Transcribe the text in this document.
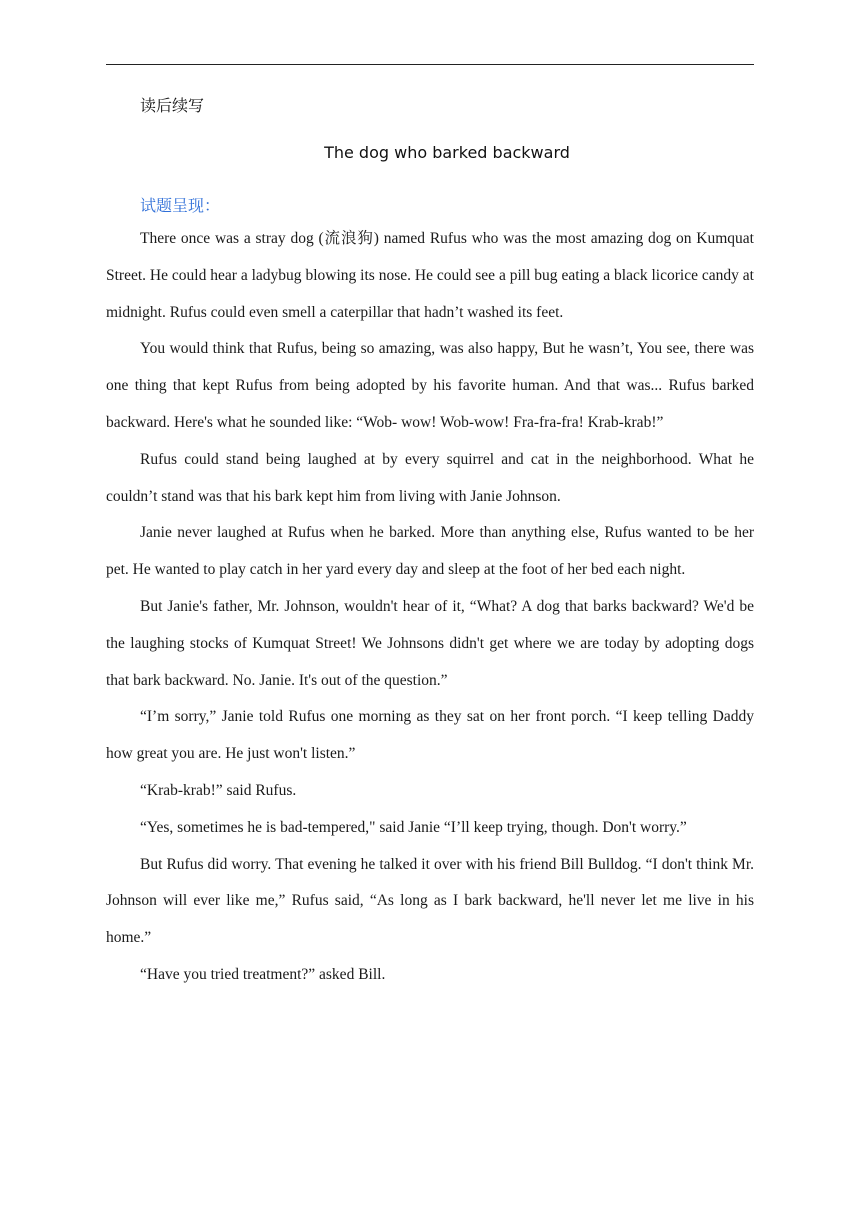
读后续写
The dog who barked backward
试题呈现：

There once was a stray dog (流浪狗) named Rufus who was the most amazing dog on Kumquat Street. He could hear a ladybug blowing its nose. He could see a pill bug eating a black licorice candy at midnight. Rufus could even smell a caterpillar that hadn’t washed its feet.

You would think that Rufus, being so amazing, was also happy, But he wasn’t, You see, there was one thing that kept Rufus from being adopted by his favorite human. And that was... Rufus barked backward. Here's what he sounded like: “Wob- wow! Wob-wow! Fra-fra-fra! Krab-krab!”

Rufus could stand being laughed at by every squirrel and cat in the neighborhood. What he couldn’t stand was that his bark kept him from living with Janie Johnson.

Janie never laughed at Rufus when he barked. More than anything else, Rufus wanted to be her pet. He wanted to play catch in her yard every day and sleep at the foot of her bed each night.

But Janie's father, Mr. Johnson, wouldn't hear of it, “What? A dog that barks backward? We'd be the laughing stocks of Kumquat Street! We Johnsons didn't get where we are today by adopting dogs that bark backward. No. Janie. It's out of the question.”

“I’m sorry,” Janie told Rufus one morning as they sat on her front porch. “I keep telling Daddy how great you are. He just won't listen.”

“Krab-krab!” said Rufus.

“Yes, sometimes he is bad-tempered," said Janie “I’ll keep trying, though. Don't worry.”

But Rufus did worry. That evening he talked it over with his friend Bill Bulldog. “I don't think Mr. Johnson will ever like me,” Rufus said, “As long as I bark backward, he'll never let me live in his home.”

“Have you tried treatment?” asked Bill.
